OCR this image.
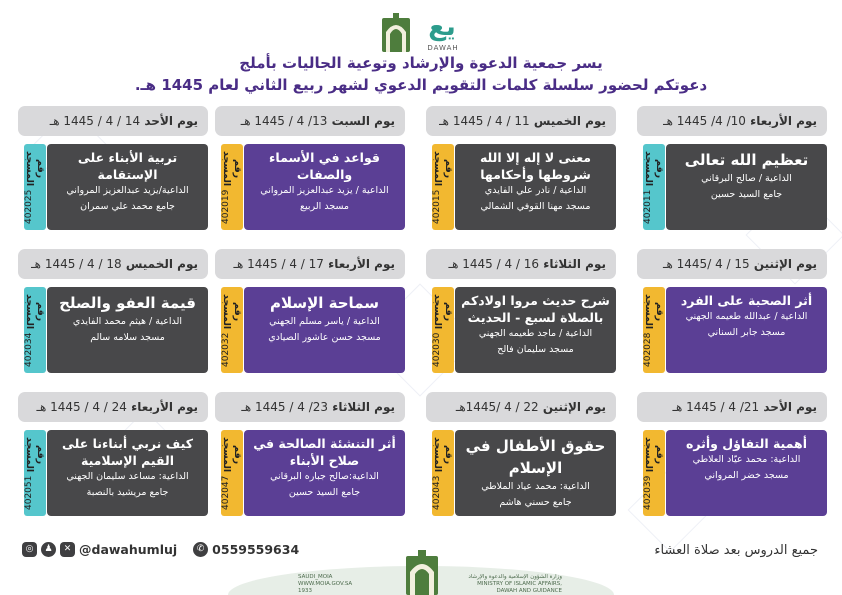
ﯾﻊ
DAWAH
يسر جمعية الدعوة والإرشاد وتوعية الجاليات بأملج
دعوتكم لحضور سلسلة كلمات التقويم الدعوي لشهر ربيع الثاني لعام 1445 هـ.
يوم الأربعاء 10/ 4/ 1445 هـ
تعظيم الله تعالى
الداعية / صالح البرقاني
جامع السيد حسين
رقم المسجد
402011
يوم الخميس 11 / 4 / 1445 هـ
معنى لا إله إلا الله شروطها وأحكامها
الداعية / نادر علي الفايدي
مسجد مهنا القوفي الشمالي
رقم المسجد
402015
يوم السبت 13/ 4 / 1445 هـ
قواعد في الأسماء والصفات
الداعية / يزيد عبدالعزيز المرواني
مسجد الربيع
رقم المسجد
402019
يوم الأحد 14 / 4 / 1445 هـ
تربية الأبناء على الإستقامة
الداعية/يزيد عبدالعزيز المرواني
جامع محمد علي سمران
رقم المسجد
402025
يوم الإثنين 15 / 4 /1445 هـ
أثر الصحبة على الفرد
الداعية / عبدالله طعيمه الجهني
مسجد جابر السناني
رقم المسجد
402028
يوم الثلاثاء 16 / 4 / 1445 هـ
شرح حديث مروا اولادكم بالصلاة لسبع - الحديث
الداعية / ماجد طعيمه الجهني
مسجد سليمان فالح
رقم المسجد
402030
يوم الأربعاء 17 / 4 / 1445 هـ
سماحة الإسلام
الداعية / ياسر مسلم الجهني
مسجد حسن عاشور الصيادي
رقم المسجد
402032
يوم الخميس 18 / 4 / 1445 هـ
قيمة العفو والصلح
الداعية / هيثم محمد الفايدي
مسجد سلامه سالم
رقم المسجد
402034
يوم الأحد 21/ 4 / 1445 هـ
أهمية التفاؤل وأثره
الداعية: محمد عيّاد العلاطي
مسجد خضر المرواني
رقم المسجد
402039
يوم الإثنين 22 / 4 /1445هـ
حقوق الأطفال في الإسلام
الداعية: محمد عياد الملاطي
جامع حسني هاشم
رقم المسجد
402043
يوم الثلاثاء 23/ 4 / 1445 هـ
أثر التنشئة الصالحة في صلاح الأبناء
الداعية:صالح جباره البرقاني
جامع السيد حسين
رقم المسجد
402047
يوم الأربعاء 24 / 4 / 1445 هـ
كيف نربي أبناءنا على القيم الإسلامية
الداعية: مساعد سليمان الجهني
جامع مريشيد بالنصبة
رقم المسجد
402051
جميع الدروس بعد صلاة العشاء
◎	♟	✕ @dawahumluj	✆ 0559559634
SAUDI_MOIA
WWW.MOIA.GOV.SA
1933
وزارة الشؤون الإسلامية والدعوة والإرشاد
MINISTRY OF ISLAMIC AFFAIRS, DAWAH AND GUIDANCE
